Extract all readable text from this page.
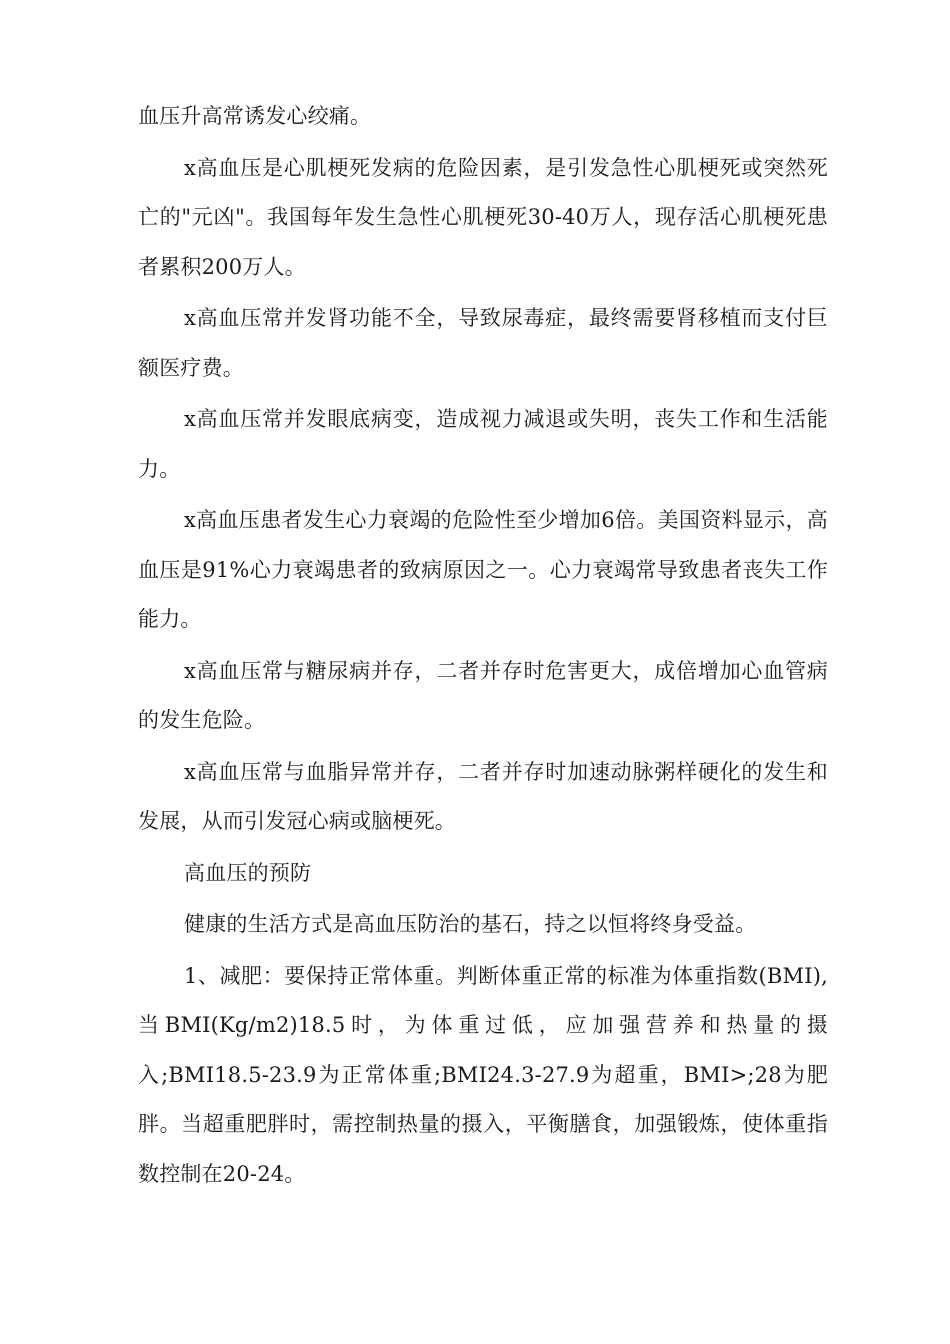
血压升高常诱发心绞痛。

x高血压是心肌梗死发病的危险因素，是引发急性心肌梗死或突然死亡的"元凶"。我国每年发生急性心肌梗死30-40万人，现存活心肌梗死患者累积200万人。

x高血压常并发肾功能不全，导致尿毒症，最终需要肾移植而支付巨额医疗费。

x高血压常并发眼底病变，造成视力减退或失明，丧失工作和生活能力。

x高血压患者发生心力衰竭的危险性至少增加6倍。美国资料显示，高血压是91%心力衰竭患者的致病原因之一。心力衰竭常导致患者丧失工作能力。

x高血压常与糖尿病并存，二者并存时危害更大，成倍增加心血管病的发生危险。

x高血压常与血脂异常并存，二者并存时加速动脉粥样硬化的发生和发展，从而引发冠心病或脑梗死。

高血压的预防

健康的生活方式是高血压防治的基石，持之以恒将终身受益。

1、减肥：要保持正常体重。判断体重正常的标准为体重指数(BMI),当BMI(Kg/m2)18.5时，为体重过低，应加强营养和热量的摄入;BMI18.5-23.9为正常体重;BMI24.3-27.9为超重，BMI>;28为肥胖。当超重肥胖时，需控制热量的摄入，平衡膳食，加强锻炼，使体重指数控制在20-24。
